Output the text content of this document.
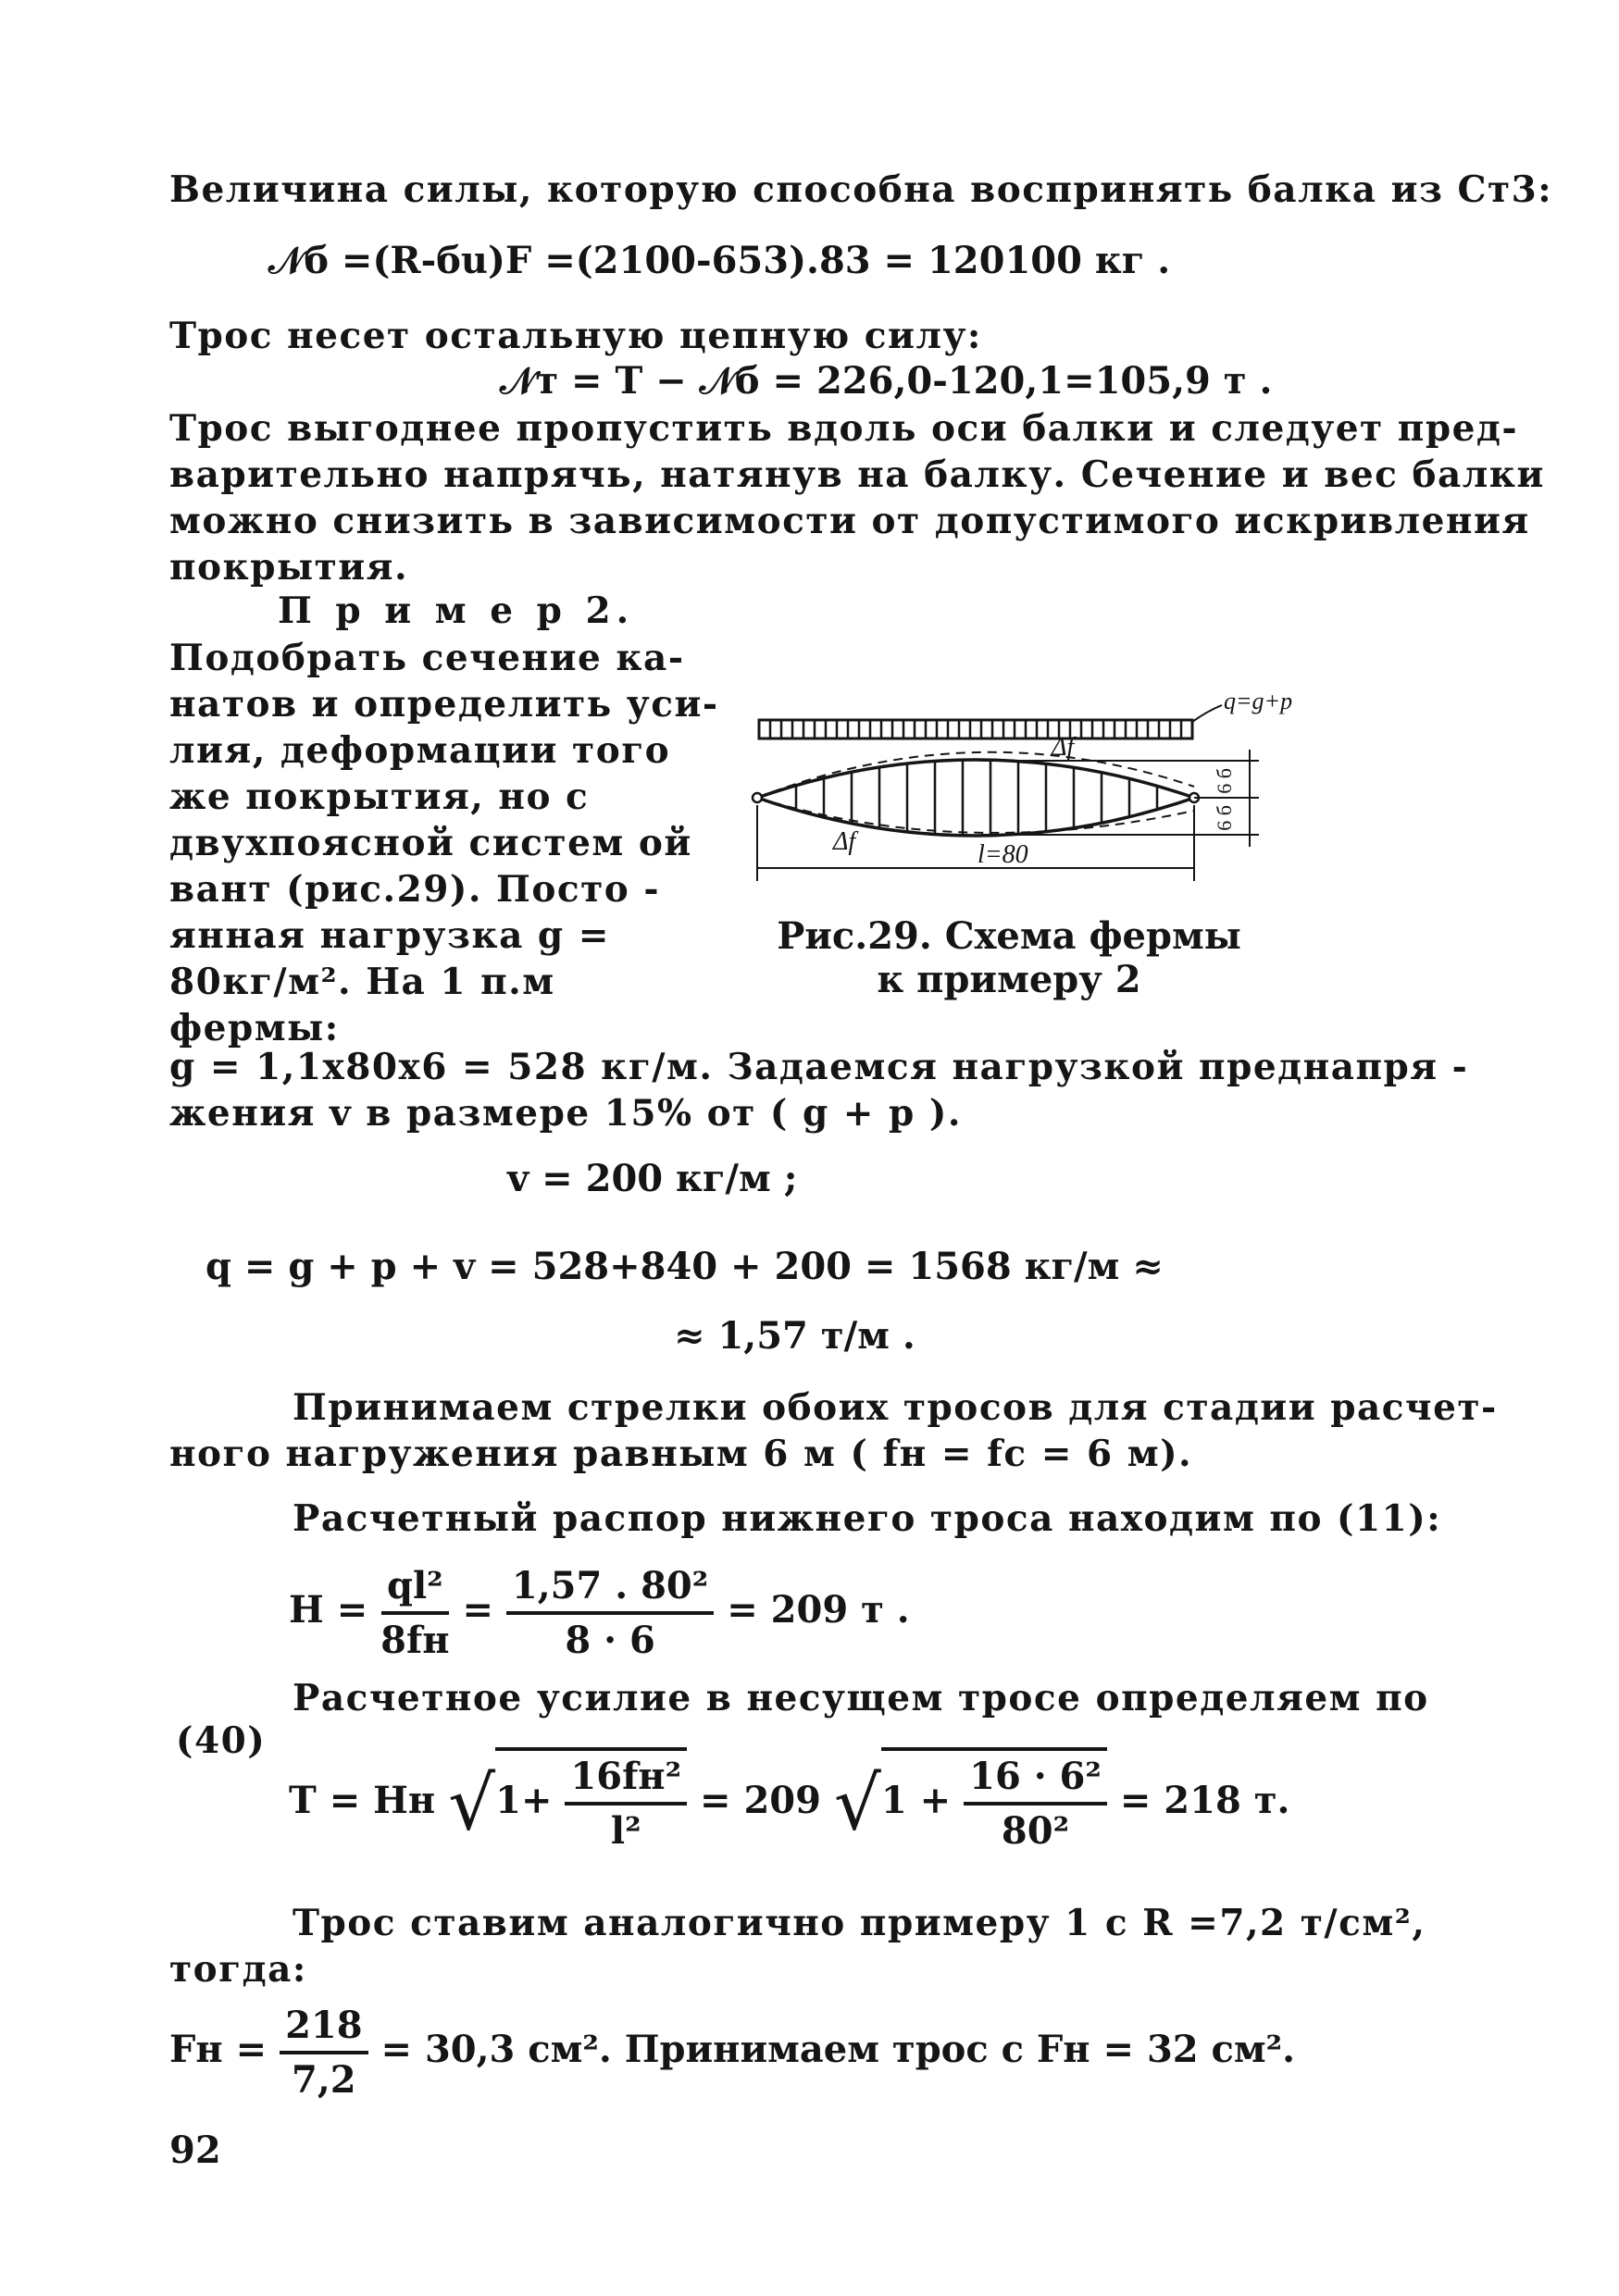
Величина силы, которую способна воспринять балка из Ст3:
𝒩б =(R-бu)F =(2100-653).83 = 120100 кг .
Трос несет остальную цепную силу:
𝒩т = T − 𝒩б = 226,0-120,1=105,9 т .
Трос выгоднее пропустить вдоль оси балки и следует пред-
варительно напрячь, натянув на балку. Сечение и вес балки
можно снизить в зависимости от допустимого искривления
покрытия.
П р и м е р 2.
Подобрать сечение ка-
натов и определить уси-
лия, деформации того
же покрытия, но с
двухпоясной систем ой
вант (рис.29). Посто -
янная нагрузка g =
80кг/м². На 1 п.м
фермы:
q=g+p
Δf
Δf	l=80
6 б
6 б
Рис.29. Схема фермы
к примеру 2
g = 1,1x80x6 = 528 кг/м. Задаемся нагрузкой преднапря -
жения v в размере 15% от ( g + p ).
v = 200 кг/м ;
q = g + p + v = 528+840 + 200 = 1568 кг/м ≈
≈ 1,57 т/м .
Принимаем стрелки обоих тросов для стадии расчет-
ного нагружения равным 6 м ( fн = fс = 6 м).
Расчетный распор нижнего троса находим по (11):
$H = \frac{\text{ql²}}{8fн} = \frac{\text{1,57 . 80²}}{8 \cdot 6} = 209$ т .
Расчетное усилие в несущем тросе определяем по
(40)
T = Hн $√1+ \frac{\text{16fн²}}{\text{l²}} = 209$ $√1 + \frac{\text{16 · 6²}}{\text{80²}} = 218$ т.
Трос ставим аналогично примеру 1 с R =7,2 т/см²,
тогда:
Fн = $\frac{218}{7,2} = 30,3$ см². Принимаем трос с Fн = 32 см².
92
